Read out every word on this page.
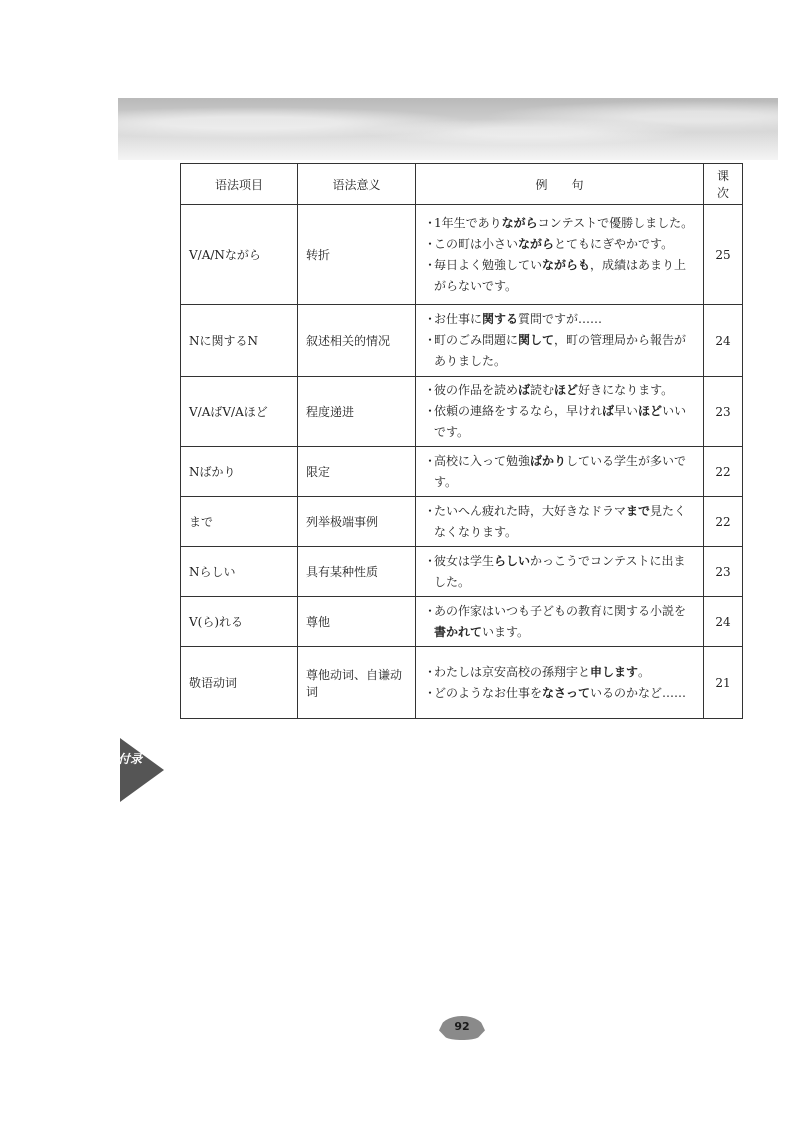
语法项目	语法意义	例　　句	课次
V/A/Nながら	转折	・ 1年生でありながらコンテストで優勝しました。
・ この町は小さいながらとてもにぎやかです。
・ 毎日よく勉強していながらも，成績はあまり上がらないです。	25
Nに関するN	叙述相关的情况	・ お仕事に関する質問ですが……
・ 町のごみ問題に関して，町の管理局から報告がありました。	24
V/AばV/Aほど	程度递进	・ 彼の作品を読めば読むほど好きになります。
・ 依頼の連絡をするなら，早ければ早いほどいいです。	23
Nばかり	限定	・ 高校に入って勉強ばかりしている学生が多いです。	22
まで	列举极端事例	・ たいへん疲れた時，大好きなドラマまで見たくなくなります。	22
Nらしい	具有某种性质	・ 彼女は学生らしいかっこうでコンテストに出ました。	23
V(ら)れる	尊他	・ あの作家はいつも子どもの教育に関する小説を書かれています。	24
敬语动词	尊他动词、自谦动词	・ わたしは京安高校の孫翔宇と申します。
・ どのようなお仕事をなさっているのかなど……	21
付录
92
